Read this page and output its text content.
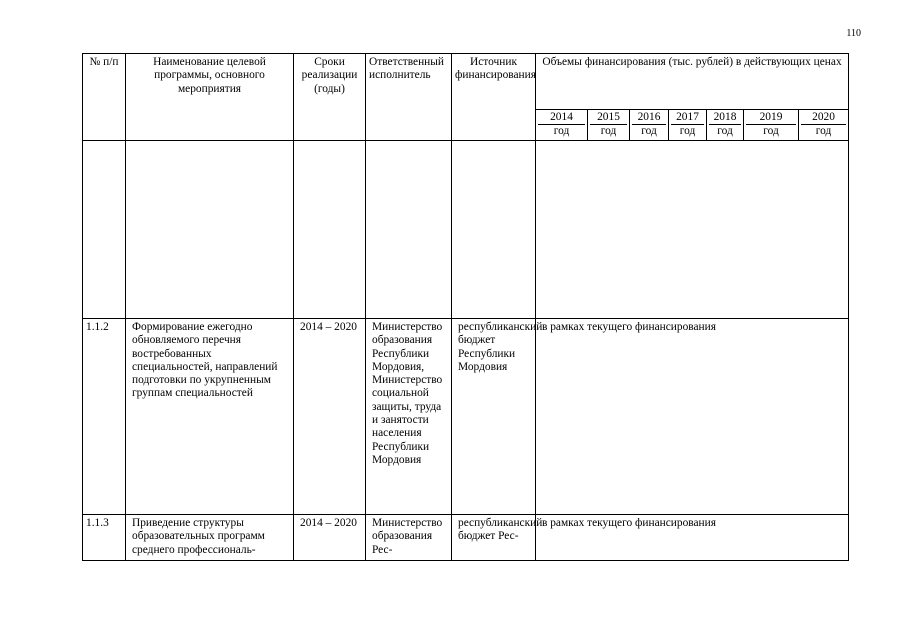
110
№ п/п	Наименование целевой программы, основного мероприятия	Сроки реализации (годы)	Ответственный исполнитель	Источник финансирования	Объемы финансирования (тыс. рублей) в действующих ценах						
					2014год	2015год	2016год	2017год	2018год	2019год	2020год

1.1.2	Формирование ежегодно обновляемого перечня востребованных специальностей, направлений подготовки по укрупненным группам специальностей	2014 – 2020	Министерство образования Республики Мордовия, Министерство социальной защиты, труда и занятости населения Республики Мордовия	республиканский бюджет Республики Мордовия	в рамках текущего финансирования						
1.1.3	Приведение структуры образовательных программ среднего профессиональ-	2014 – 2020	Министерство образования Рес-	республиканский бюджет Рес-	в рамках текущего финансирования						
